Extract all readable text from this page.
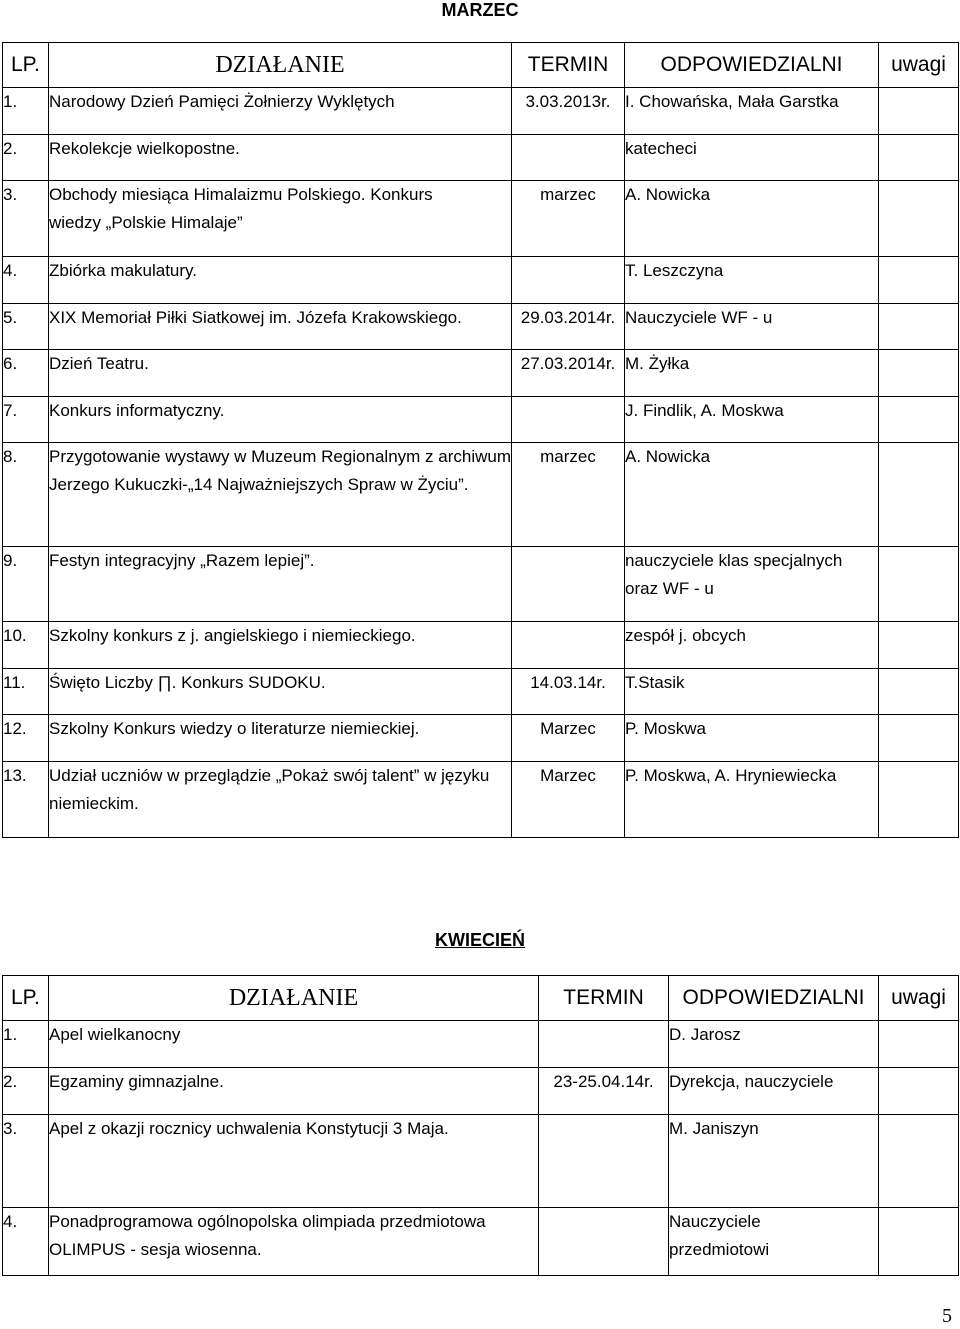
MARZEC
LP.	DZIAŁANIE	TERMIN	ODPOWIEDZIALNI	uwagi
1.	Narodowy Dzień Pamięci Żołnierzy Wyklętych	3.03.2013r.	I. Chowańska, Mała Garstka	
2.	Rekolekcje wielkopostne.		katecheci	
3.	Obchody miesiąca Himalaizmu Polskiego. Konkurs wiedzy „Polskie Himalaje”	marzec	A. Nowicka	
4.	Zbiórka makulatury.		T. Leszczyna	
5.	XIX Memoriał Piłki Siatkowej im. Józefa Krakowskiego.	29.03.2014r.	Nauczyciele WF - u	
6.	Dzień Teatru.	27.03.2014r.	M. Żyłka	
7.	Konkurs informatyczny.		J. Findlik, A. Moskwa	
8.	Przygotowanie wystawy w Muzeum Regionalnym z archiwum Jerzego Kukuczki-„14 Najważniejszych Spraw w Życiu”.	marzec	A. Nowicka	
9.	Festyn integracyjny „Razem lepiej”.		nauczyciele klas specjalnych oraz WF - u	
10.	Szkolny konkurs z j. angielskiego i niemieckiego.		zespół j. obcych	
11.	Święto Liczby ∏. Konkurs SUDOKU.	14.03.14r.	T.Stasik	
12.	Szkolny Konkurs wiedzy o literaturze niemieckiej.	Marzec	P. Moskwa	
13.	Udział uczniów w przeglądzie „Pokaż swój talent” w języku niemieckim.	Marzec	P. Moskwa, A. Hryniewiecka	
KWIECIEŃ
LP.	DZIAŁANIE	TERMIN	ODPOWIEDZIALNI	uwagi
1.	Apel wielkanocny		D. Jarosz	
2.	Egzaminy gimnazjalne.	23-25.04.14r.	Dyrekcja, nauczyciele	
3.	Apel z okazji rocznicy uchwalenia Konstytucji 3 Maja.		M. Janiszyn	
4.	Ponadprogramowa ogólnopolska olimpiada przedmiotowa OLIMPUS - sesja wiosenna.		Nauczyciele przedmiotowi	
5
